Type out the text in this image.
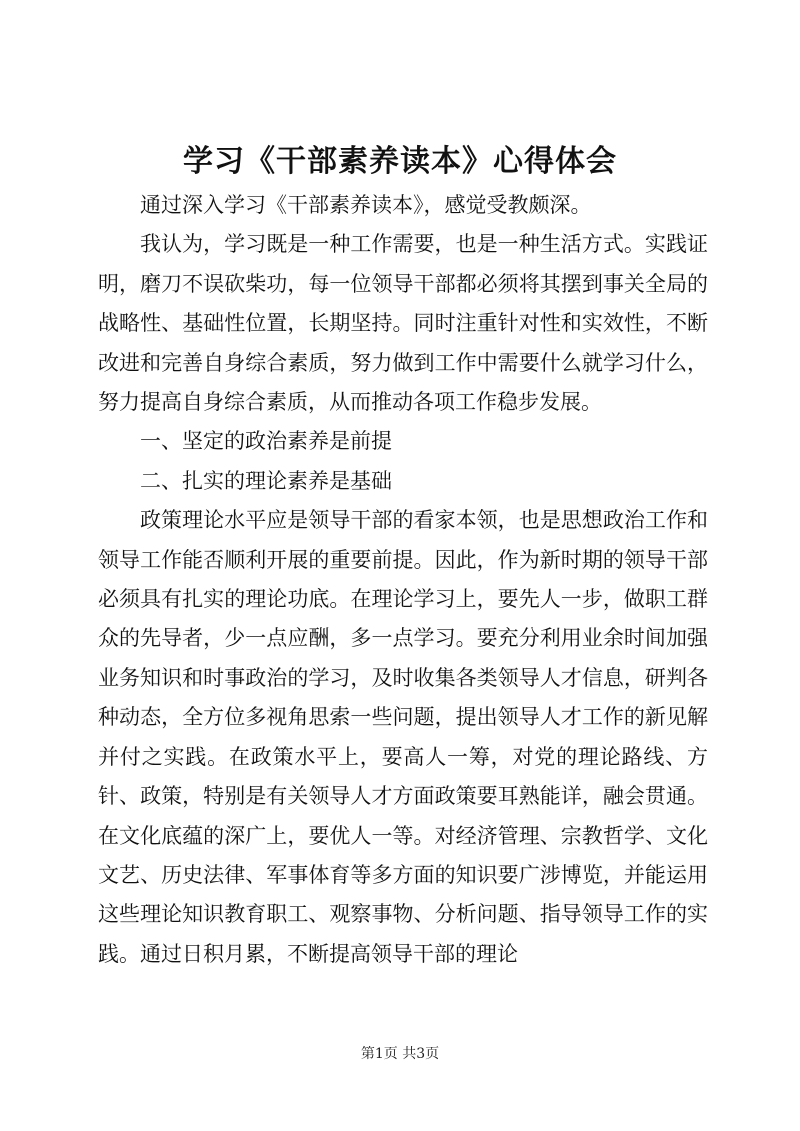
学习《干部素养读本》心得体会

通过深入学习《干部素养读本》，感觉受教颇深。

我认为，学习既是一种工作需要，也是一种生活方式。实践证明，磨刀不误砍柴功，每一位领导干部都必须将其摆到事关全局的战略性、基础性位置，长期坚持。同时注重针对性和实效性，不断改进和完善自身综合素质，努力做到工作中需要什么就学习什么，努力提高自身综合素质，从而推动各项工作稳步发展。

一、坚定的政治素养是前提

二、扎实的理论素养是基础

政策理论水平应是领导干部的看家本领，也是思想政治工作和领导工作能否顺利开展的重要前提。因此，作为新时期的领导干部必须具有扎实的理论功底。在理论学习上，要先人一步，做职工群众的先导者，少一点应酬，多一点学习。要充分利用业余时间加强业务知识和时事政治的学习，及时收集各类领导人才信息，研判各种动态，全方位多视角思索一些问题，提出领导人才工作的新见解并付之实践。在政策水平上，要高人一筹，对党的理论路线、方针、政策，特别是有关领导人才方面政策要耳熟能详，融会贯通。在文化底蕴的深广上，要优人一等。对经济管理、宗教哲学、文化文艺、历史法律、军事体育等多方面的知识要广涉博览，并能运用这些理论知识教育职工、观察事物、分析问题、指导领导工作的实践。通过日积月累，不断提高领导干部的理论

第1页 共3页
